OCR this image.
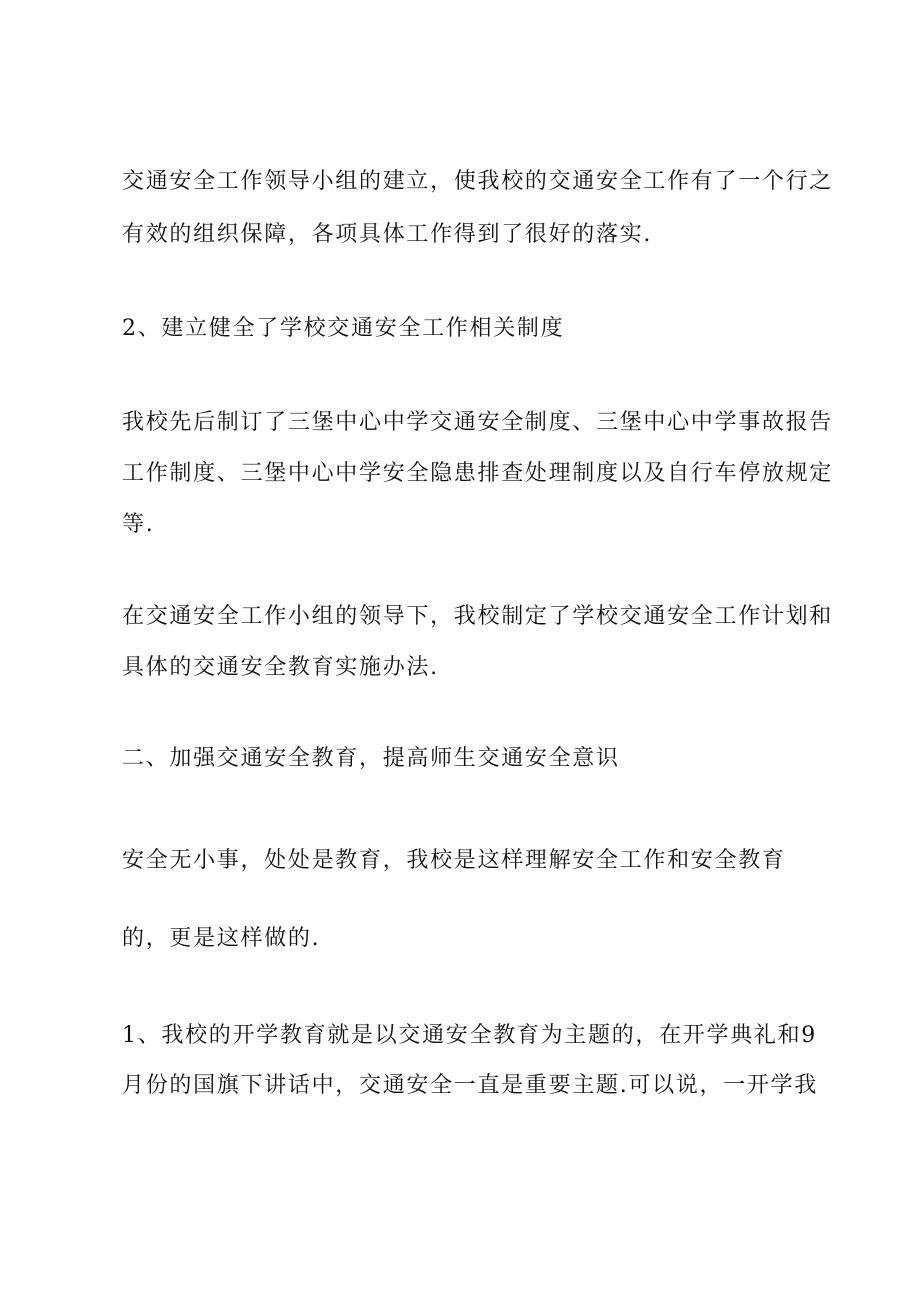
交通安全工作领导小组的建立，使我校的交通安全工作有了一个行之
有效的组织保障，各项具体工作得到了很好的落实.
2、建立健全了学校交通安全工作相关制度
我校先后制订了三堡中心中学交通安全制度、三堡中心中学事故报告
工作制度、三堡中心中学安全隐患排查处理制度以及自行车停放规定
等.
在交通安全工作小组的领导下，我校制定了学校交通安全工作计划和
具体的交通安全教育实施办法.
二、加强交通安全教育，提高师生交通安全意识
安全无小事，处处是教育，我校是这样理解安全工作和安全教育
的，更是这样做的.
1、我校的开学教育就是以交通安全教育为主题的，在开学典礼和9
月份的国旗下讲话中，交通安全一直是重要主题.可以说，一开学我
